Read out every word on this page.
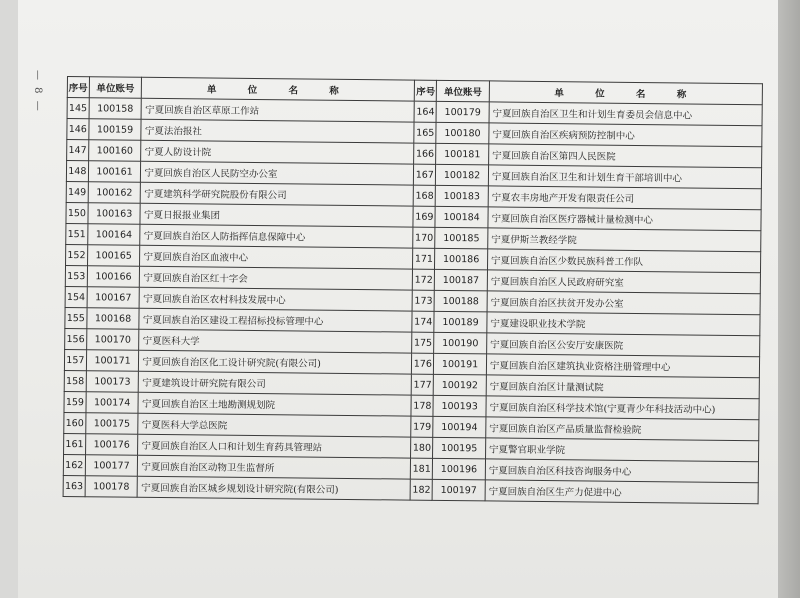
— 8 —	序号	单位账号	单 位 名 称	序号	单位账号	单 位 名 称
145	100158	宁夏回族自治区草原工作站	164	100179	宁夏回族自治区卫生和计划生育委员会信息中心
146	100159	宁夏法治报社	165	100180	宁夏回族自治区疾病预防控制中心
147	100160	宁夏人防设计院	166	100181	宁夏回族自治区第四人民医院
148	100161	宁夏回族自治区人民防空办公室	167	100182	宁夏回族自治区卫生和计划生育干部培训中心
149	100162	宁夏建筑科学研究院股份有限公司	168	100183	宁夏农丰房地产开发有限责任公司
150	100163	宁夏日报报业集团	169	100184	宁夏回族自治区医疗器械计量检测中心
151	100164	宁夏回族自治区人防指挥信息保障中心	170	100185	宁夏伊斯兰教经学院
152	100165	宁夏回族自治区血液中心	171	100186	宁夏回族自治区少数民族科普工作队
153	100166	宁夏回族自治区红十字会	172	100187	宁夏回族自治区人民政府研究室
154	100167	宁夏回族自治区农村科技发展中心	173	100188	宁夏回族自治区扶贫开发办公室
155	100168	宁夏回族自治区建设工程招标投标管理中心	174	100189	宁夏建设职业技术学院
156	100170	宁夏医科大学	175	100190	宁夏回族自治区公安厅安康医院
157	100171	宁夏回族自治区化工设计研究院(有限公司)	176	100191	宁夏回族自治区建筑执业资格注册管理中心
158	100173	宁夏建筑设计研究院有限公司	177	100192	宁夏回族自治区计量测试院
159	100174	宁夏回族自治区土地勘测规划院	178	100193	宁夏回族自治区科学技术馆(宁夏青少年科技活动中心)
160	100175	宁夏医科大学总医院	179	100194	宁夏回族自治区产品质量监督检验院
161	100176	宁夏回族自治区人口和计划生育药具管理站	180	100195	宁夏警官职业学院
162	100177	宁夏回族自治区动物卫生监督所	181	100196	宁夏回族自治区科技咨询服务中心
163	100178	宁夏回族自治区城乡规划设计研究院(有限公司)	182	100197	宁夏回族自治区生产力促进中心
